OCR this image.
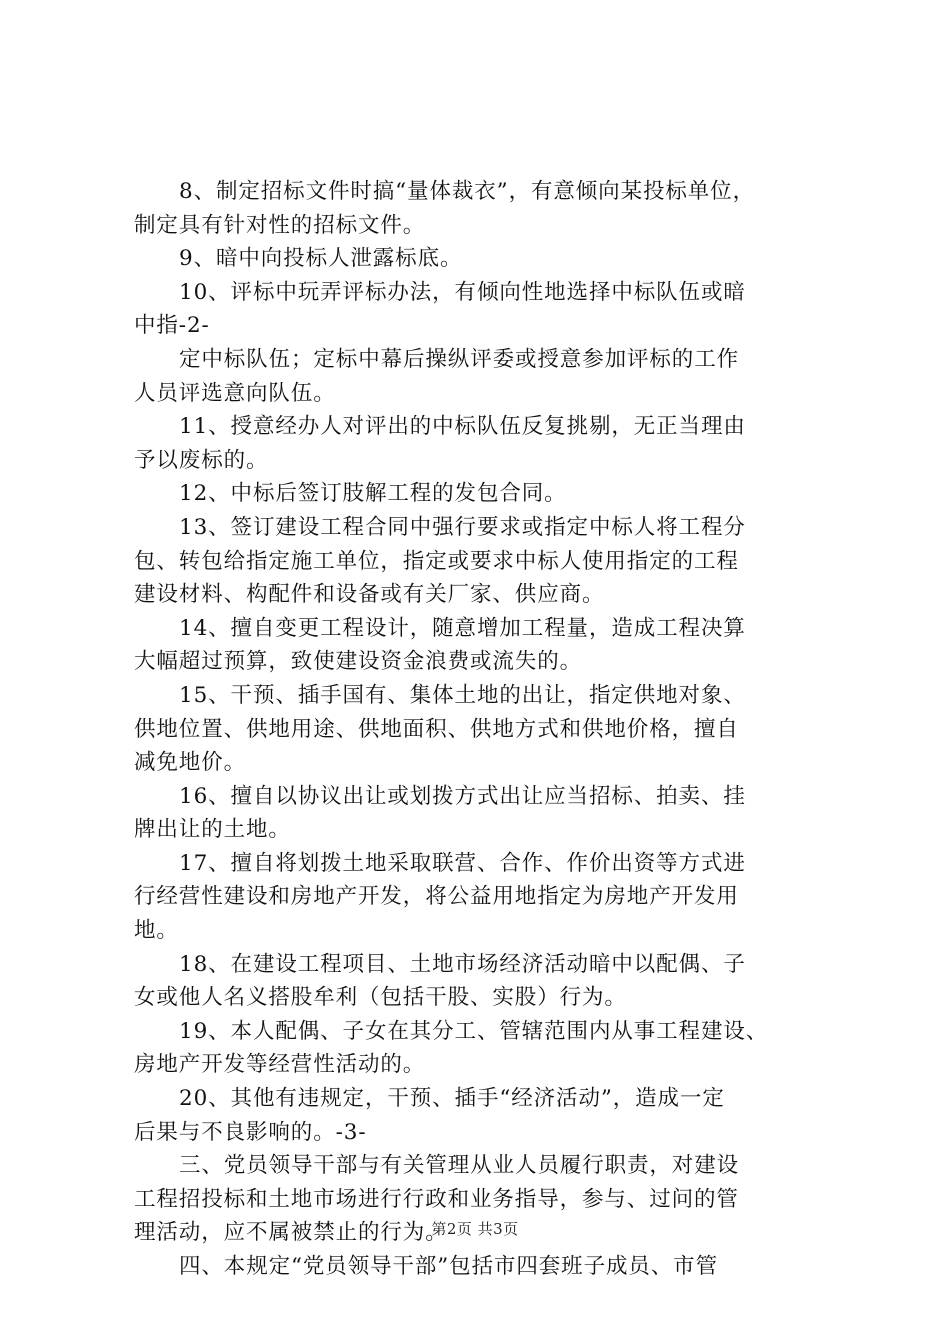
8、制定招标文件时搞“量体裁衣”，有意倾向某投标单位，
制定具有针对性的招标文件。
9、暗中向投标人泄露标底。
10、评标中玩弄评标办法，有倾向性地选择中标队伍或暗
中指-2-
定中标队伍；定标中幕后操纵评委或授意参加评标的工作
人员评选意向队伍。
11、授意经办人对评出的中标队伍反复挑剔，无正当理由
予以废标的。
12、中标后签订肢解工程的发包合同。
13、签订建设工程合同中强行要求或指定中标人将工程分
包、转包给指定施工单位，指定或要求中标人使用指定的工程
建设材料、构配件和设备或有关厂家、供应商。
14、擅自变更工程设计，随意增加工程量，造成工程决算
大幅超过预算，致使建设资金浪费或流失的。
15、干预、插手国有、集体土地的出让，指定供地对象、
供地位置、供地用途、供地面积、供地方式和供地价格，擅自
减免地价。
16、擅自以协议出让或划拨方式出让应当招标、拍卖、挂
牌出让的土地。
17、擅自将划拨土地采取联营、合作、作价出资等方式进
行经营性建设和房地产开发，将公益用地指定为房地产开发用
地。
18、在建设工程项目、土地市场经济活动暗中以配偶、子
女或他人名义搭股牟利（包括干股、实股）行为。
19、本人配偶、子女在其分工、管辖范围内从事工程建设、
房地产开发等经营性活动的。
20、其他有违规定，干预、插手“经济活动”，造成一定
后果与不良影响的。-3-
三、党员领导干部与有关管理从业人员履行职责，对建设
工程招投标和土地市场进行行政和业务指导，参与、过问的管
理活动，应不属被禁止的行为。
四、本规定“党员领导干部”包括市四套班子成员、市管
第2页 共3页
